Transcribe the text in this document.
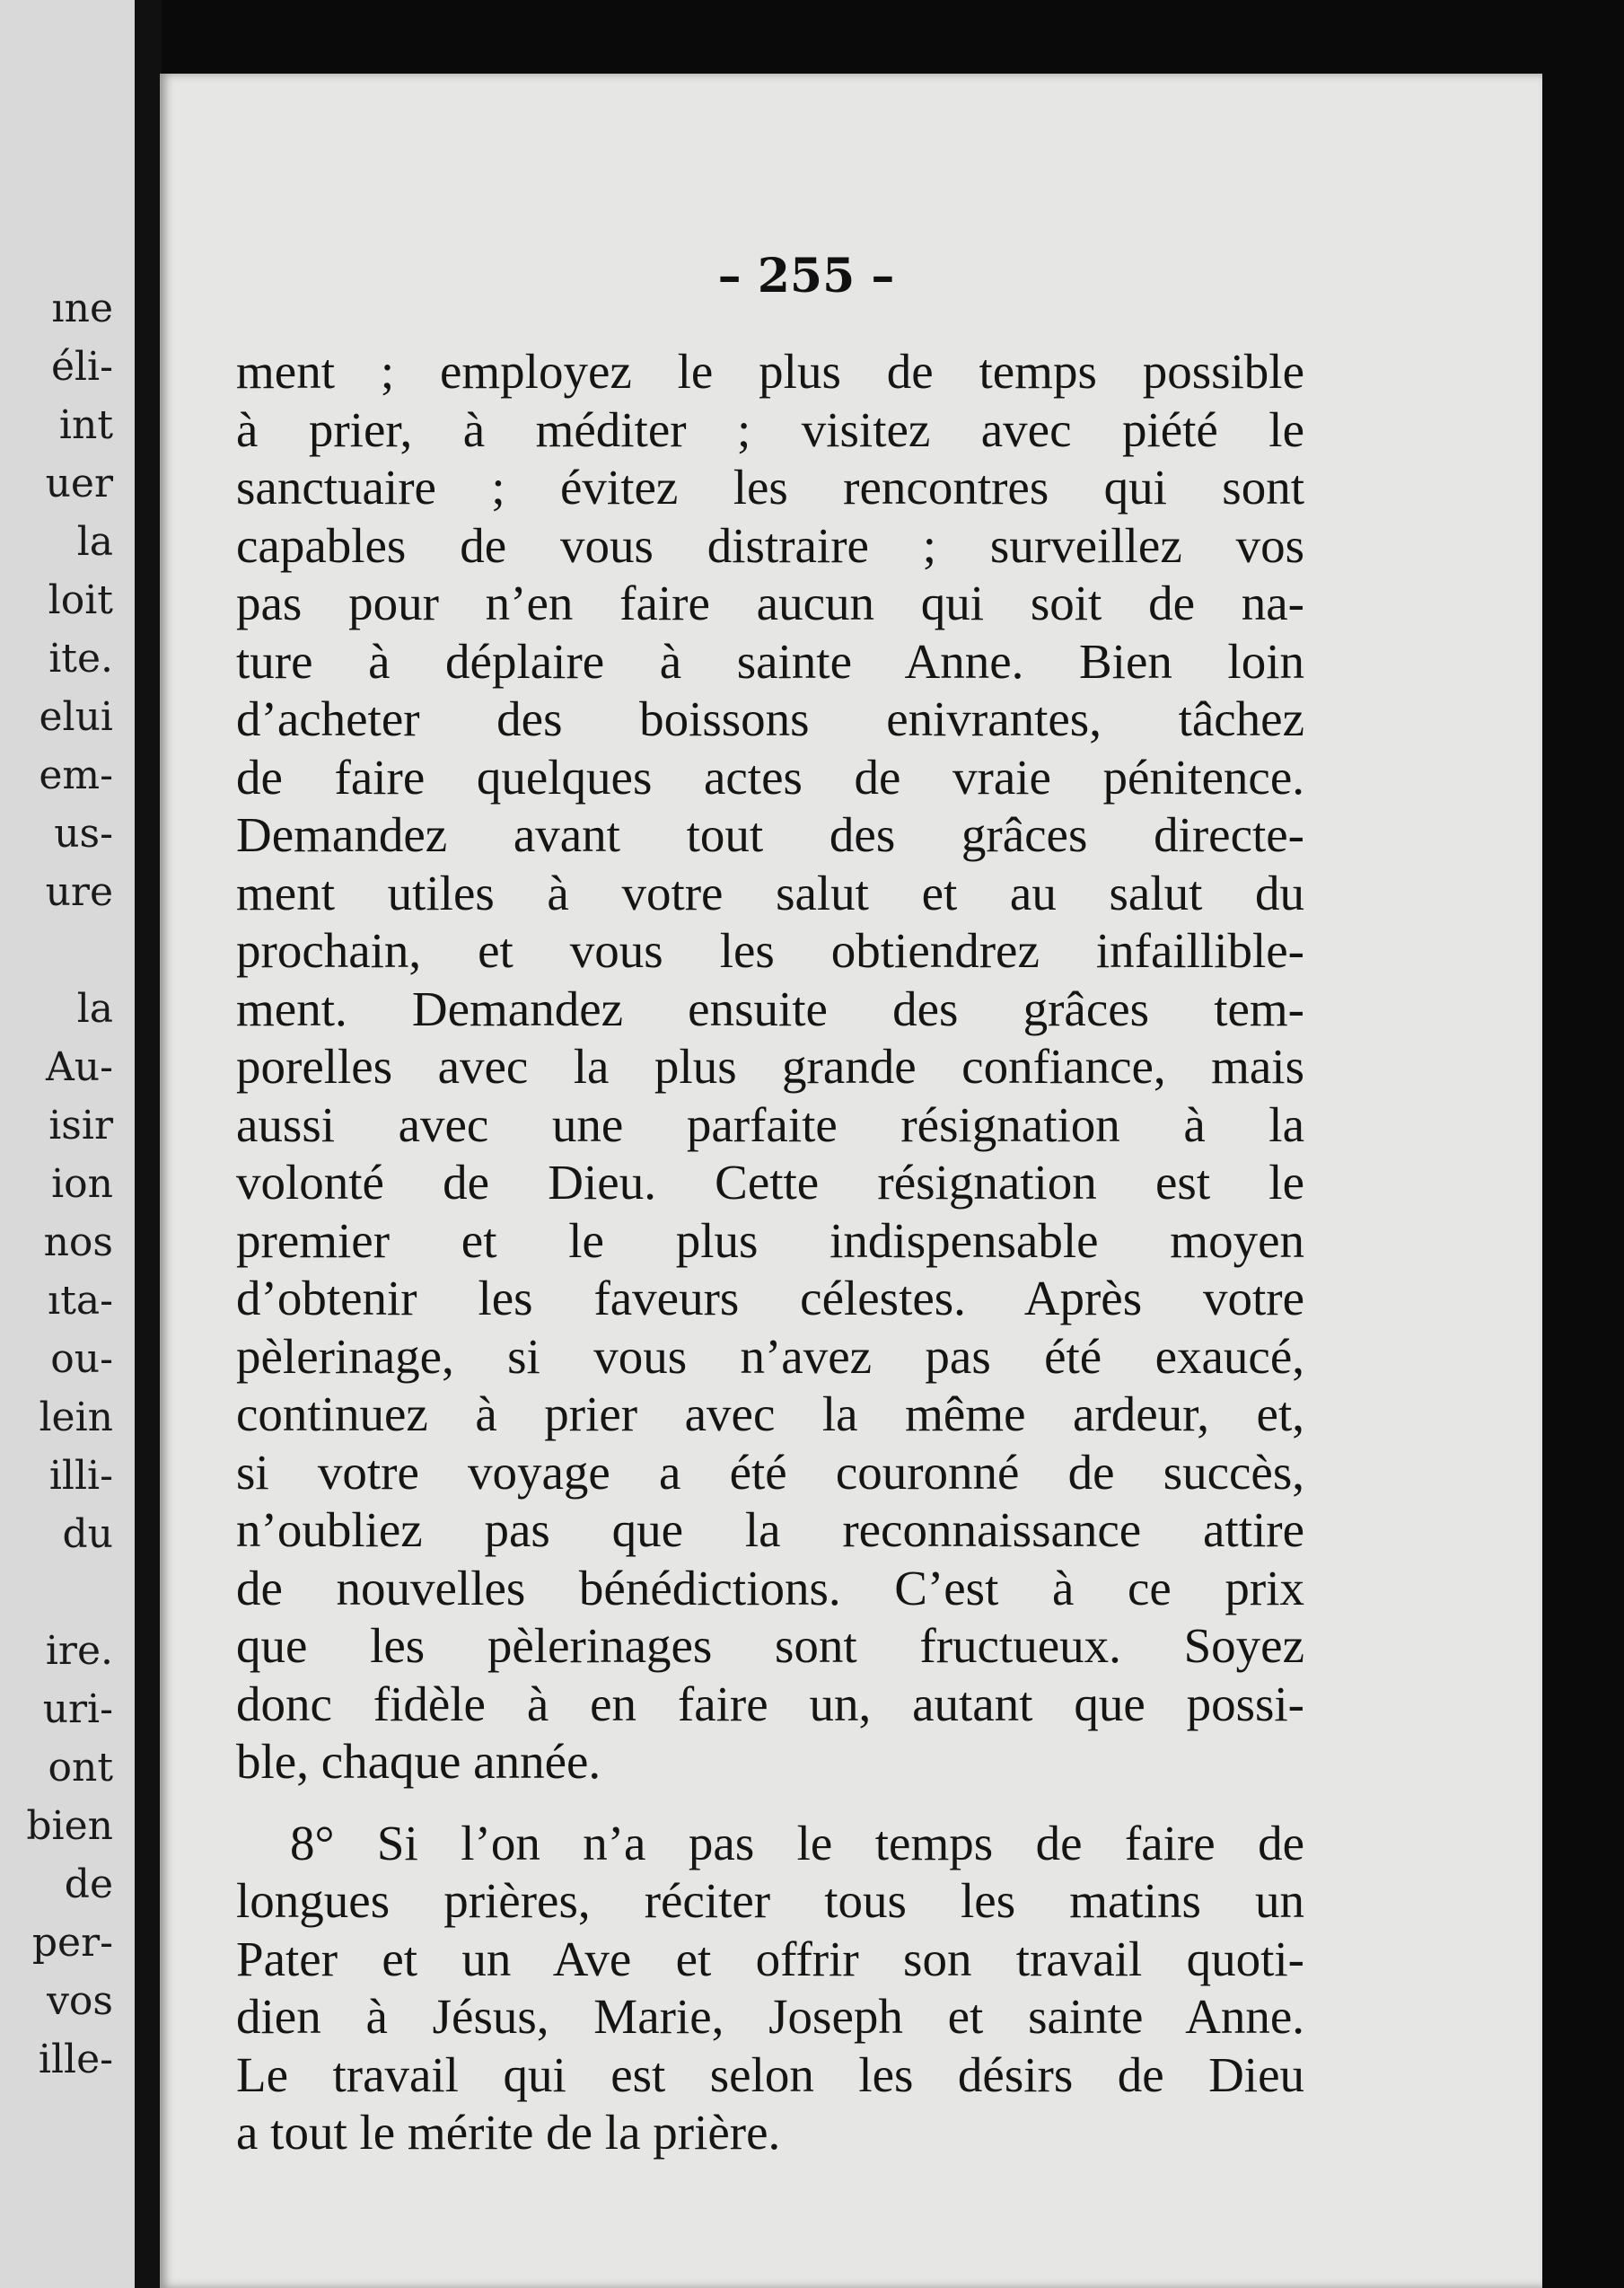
ıne
éli-
int
uer
la
loit
ite.
elui
em-
us-
ure
la
Au-
isir
ion
nos
ıta-
ou-
lein
illi-
du
ire.
uri-
ont
bien
de
per-
vos
ille-
– 255 –
ment ; employez le plus de temps possible
à prier, à méditer ; visitez avec piété le
sanctuaire ; évitez les rencontres qui sont
capables de vous distraire ; surveillez vos
pas pour n’en faire aucun qui soit de na-
ture à déplaire à sainte Anne. Bien loin
d’acheter des boissons enivrantes, tâchez
de faire quelques actes de vraie pénitence.
Demandez avant tout des grâces directe-
ment utiles à votre salut et au salut du
prochain, et vous les obtiendrez infaillible-
ment. Demandez ensuite des grâces tem-
porelles avec la plus grande confiance, mais
aussi avec une parfaite résignation à la
volonté de Dieu. Cette résignation est le
premier et le plus indispensable moyen
d’obtenir les faveurs célestes. Après votre
pèlerinage, si vous n’avez pas été exaucé,
continuez à prier avec la même ardeur, et,
si votre voyage a été couronné de succès,
n’oubliez pas que la reconnaissance attire
de nouvelles bénédictions. C’est à ce prix
que les pèlerinages sont fructueux. Soyez
donc fidèle à en faire un, autant que possi-
ble, chaque année.
8° Si l’on n’a pas le temps de faire de
longues prières, réciter tous les matins un
Pater et un Ave et offrir son travail quoti-
dien à Jésus, Marie, Joseph et sainte Anne.
Le travail qui est selon les désirs de Dieu
a tout le mérite de la prière.
